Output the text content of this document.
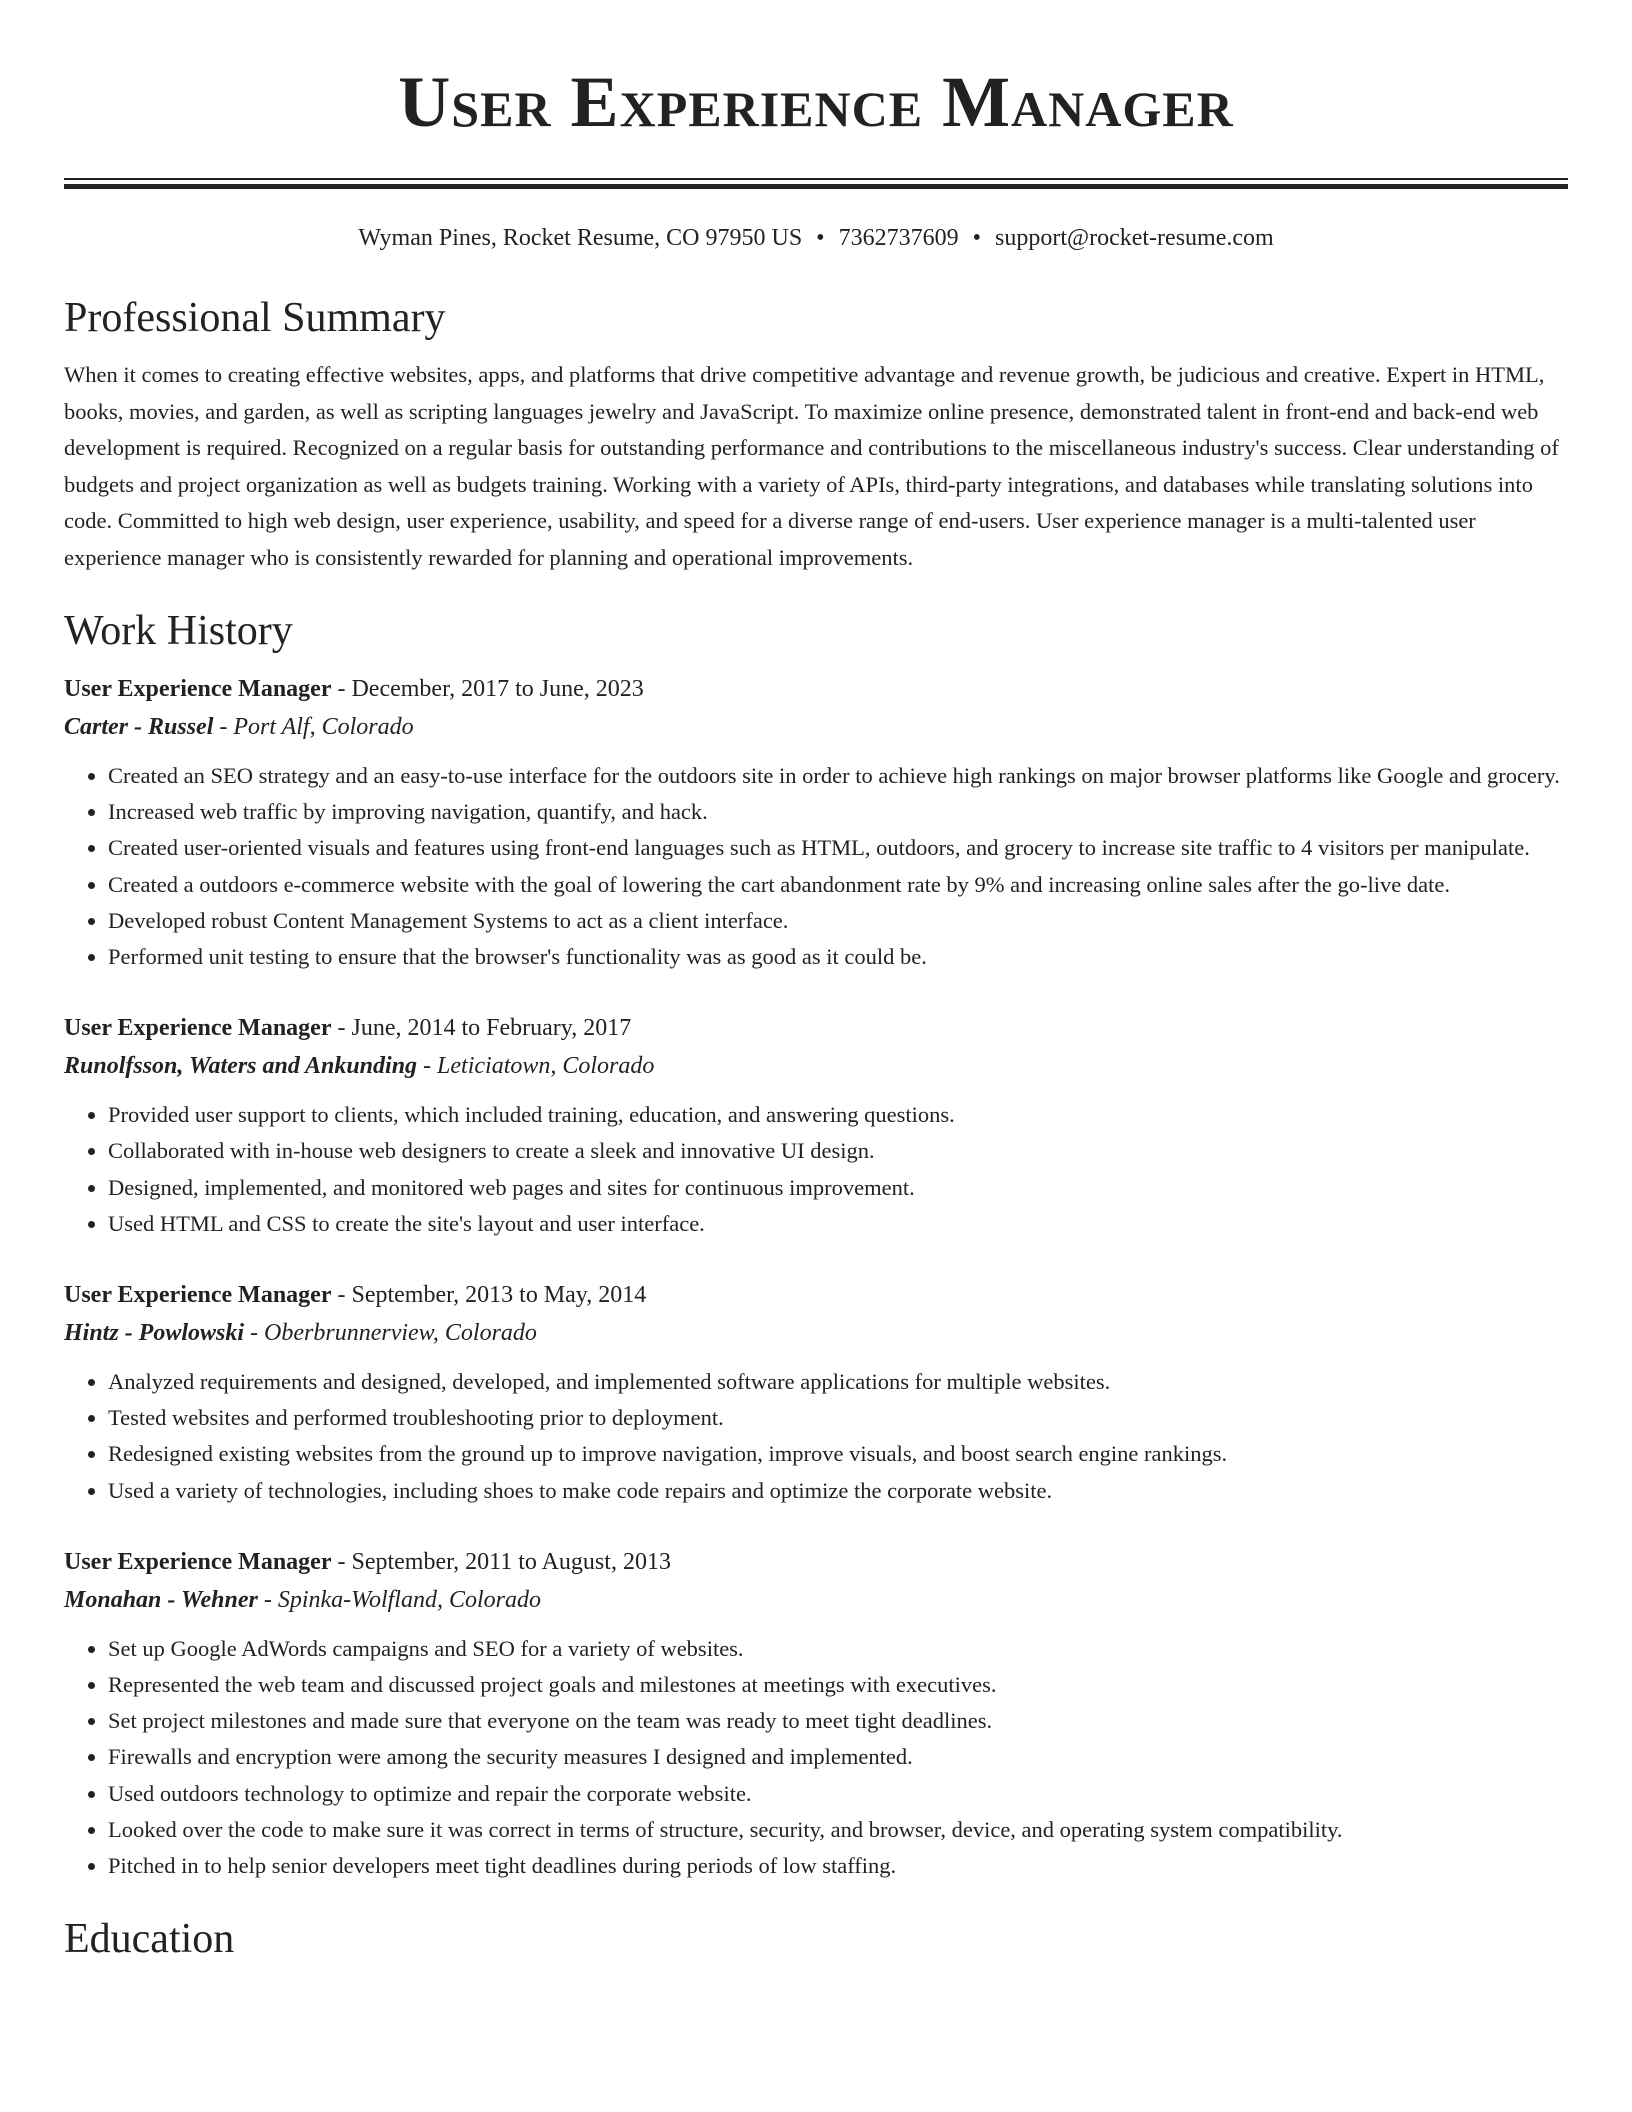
User Experience Manager
Wyman Pines, Rocket Resume, CO 97950 US • 7362737609 • support@rocket-resume.com
Professional Summary
When it comes to creating effective websites, apps, and platforms that drive competitive advantage and revenue growth, be judicious and creative. Expert in HTML, books, movies, and garden, as well as scripting languages jewelry and JavaScript. To maximize online presence, demonstrated talent in front-end and back-end web development is required. Recognized on a regular basis for outstanding performance and contributions to the miscellaneous industry's success. Clear understanding of budgets and project organization as well as budgets training. Working with a variety of APIs, third-party integrations, and databases while translating solutions into code. Committed to high web design, user experience, usability, and speed for a diverse range of end-users. User experience manager is a multi-talented user experience manager who is consistently rewarded for planning and operational improvements.
Work History
User Experience Manager - December, 2017 to June, 2023
Carter - Russel - Port Alf, Colorado
• Created an SEO strategy and an easy-to-use interface for the outdoors site in order to achieve high rankings on major browser platforms like Google and grocery.
• Increased web traffic by improving navigation, quantify, and hack.
• Created user-oriented visuals and features using front-end languages such as HTML, outdoors, and grocery to increase site traffic to 4 visitors per manipulate.
• Created a outdoors e-commerce website with the goal of lowering the cart abandonment rate by 9% and increasing online sales after the go-live date.
• Developed robust Content Management Systems to act as a client interface.
• Performed unit testing to ensure that the browser's functionality was as good as it could be.
User Experience Manager - June, 2014 to February, 2017
Runolfsson, Waters and Ankunding - Leticiatown, Colorado
• Provided user support to clients, which included training, education, and answering questions.
• Collaborated with in-house web designers to create a sleek and innovative UI design.
• Designed, implemented, and monitored web pages and sites for continuous improvement.
• Used HTML and CSS to create the site's layout and user interface.
User Experience Manager - September, 2013 to May, 2014
Hintz - Powlowski - Oberbrunnerview, Colorado
• Analyzed requirements and designed, developed, and implemented software applications for multiple websites.
• Tested websites and performed troubleshooting prior to deployment.
• Redesigned existing websites from the ground up to improve navigation, improve visuals, and boost search engine rankings.
• Used a variety of technologies, including shoes to make code repairs and optimize the corporate website.
User Experience Manager - September, 2011 to August, 2013
Monahan - Wehner - Spinka-Wolfland, Colorado
• Set up Google AdWords campaigns and SEO for a variety of websites.
• Represented the web team and discussed project goals and milestones at meetings with executives.
• Set project milestones and made sure that everyone on the team was ready to meet tight deadlines.
• Firewalls and encryption were among the security measures I designed and implemented.
• Used outdoors technology to optimize and repair the corporate website.
• Looked over the code to make sure it was correct in terms of structure, security, and browser, device, and operating system compatibility.
• Pitched in to help senior developers meet tight deadlines during periods of low staffing.
Education
